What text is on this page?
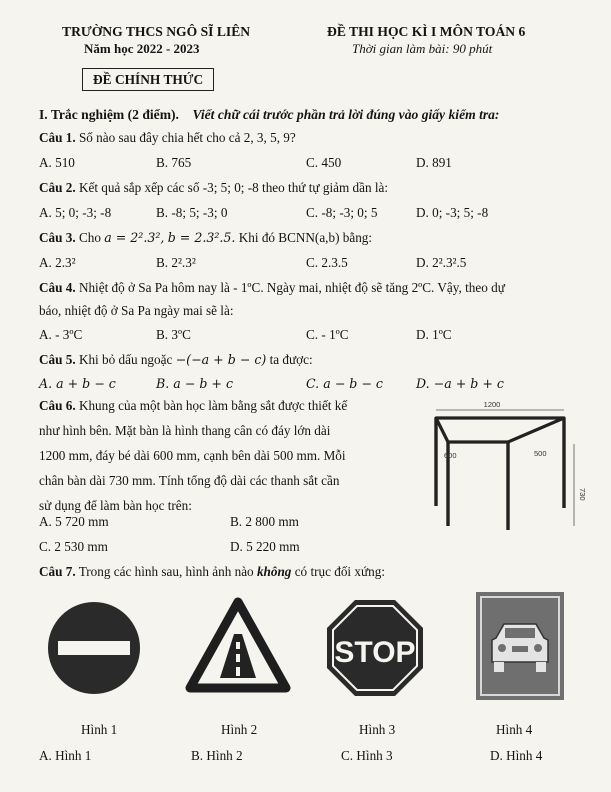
TRƯỜNG THCS NGÔ SĨ LIÊN
Năm học 2022 - 2023
ĐỀ THI HỌC KÌ I MÔN TOÁN 6
Thời gian làm bài: 90 phút
ĐỀ CHÍNH THỨC
I. Trắc nghiệm (2 điểm). Viết chữ cái trước phần trả lời đúng vào giấy kiểm tra:
Câu 1. Số nào sau đây chia hết cho cả 2, 3, 5, 9?
A. 510	B. 765	C. 450	D. 891
Câu 2. Kết quả sắp xếp các số -3; 5; 0; -8 theo thứ tự giảm dần là:
A. 5; 0; -3; -8	B. -8; 5; -3; 0	C. -8; -3; 0; 5	D. 0; -3; 5; -8
Câu 3. Cho a = 2².3², b = 2.3².5. Khi đó BCNN(a,b) bằng:
A. 2.3²	B. 2².3²	C. 2.3.5	D. 2².3².5
Câu 4. Nhiệt độ ở Sa Pa hôm nay là - 1ºC. Ngày mai, nhiệt độ sẽ tăng 2ºC. Vậy, theo dự
báo, nhiệt độ ở Sa Pa ngày mai sẽ là:
A. - 3ºC	B. 3ºC	C. - 1ºC	D. 1ºC
Câu 5. Khi bỏ dấu ngoặc −(−a + b − c) ta được:
A. a + b − c	B. a − b + c	C. a − b − c	D. −a + b + c
Câu 6. Khung của một bàn học làm bằng sắt được thiết kế
như hình bên. Mặt bàn là hình thang cân có đáy lớn dài
1200 mm, đáy bé dài 600 mm, cạnh bên dài 500 mm. Mỗi
chân bàn dài 730 mm. Tính tổng độ dài các thanh sắt cần
sử dụng để làm bàn học trên:
A. 5 720 mm	B. 2 800 mm
C. 2 530 mm	D. 5 220 mm
1200
600	500
730
Câu 7. Trong các hình sau, hình ảnh nào không có trục đối xứng:
STOP
Hình 1	Hình 2	Hình 3	Hình 4
A. Hình 1	B. Hình 2	C. Hình 3	D. Hình 4
